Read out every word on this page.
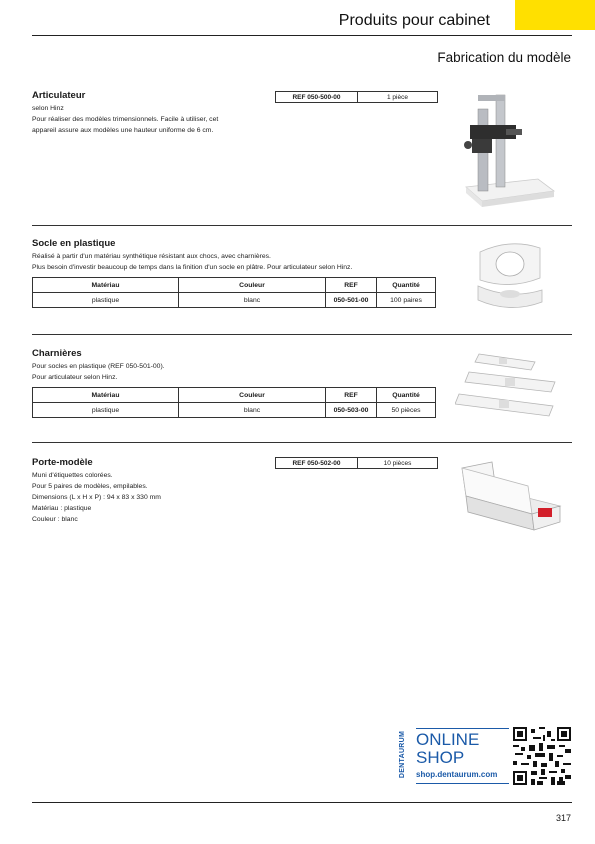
Produits pour cabinet
Fabrication du modèle
Articulateur
selon Hinz
Pour réaliser des modèles trimensionnels. Facile à utiliser, cet
appareil assure aux modèles une hauteur uniforme de 6 cm.
REF 050-500-00	1 pièce
Socle en plastique
Réalisé à partir d'un matériau synthétique résistant aux chocs, avec charnières.
Plus besoin d'investir beaucoup de temps dans la finition d'un socle en plâtre. Pour articulateur selon Hinz.
Matériau	Couleur	REF	Quantité
plastique	blanc	050-501-00	100 paires
Charnières
Pour socles en plastique (REF 050-501-00).
Pour articulateur selon Hinz.
Matériau	Couleur	REF	Quantité
plastique	blanc	050-503-00	50 pièces
Porte-modèle
Muni d'étiquettes colorées.
Pour 5 paires de modèles, empilables.
Dimensions (L x H x P) : 94 x 83 x 330 mm
Matériau : plastique
Couleur : blanc
REF 050-502-00	10 pièces
DENTAURUM ONLINE
SHOP
shop.dentaurum.com
317
